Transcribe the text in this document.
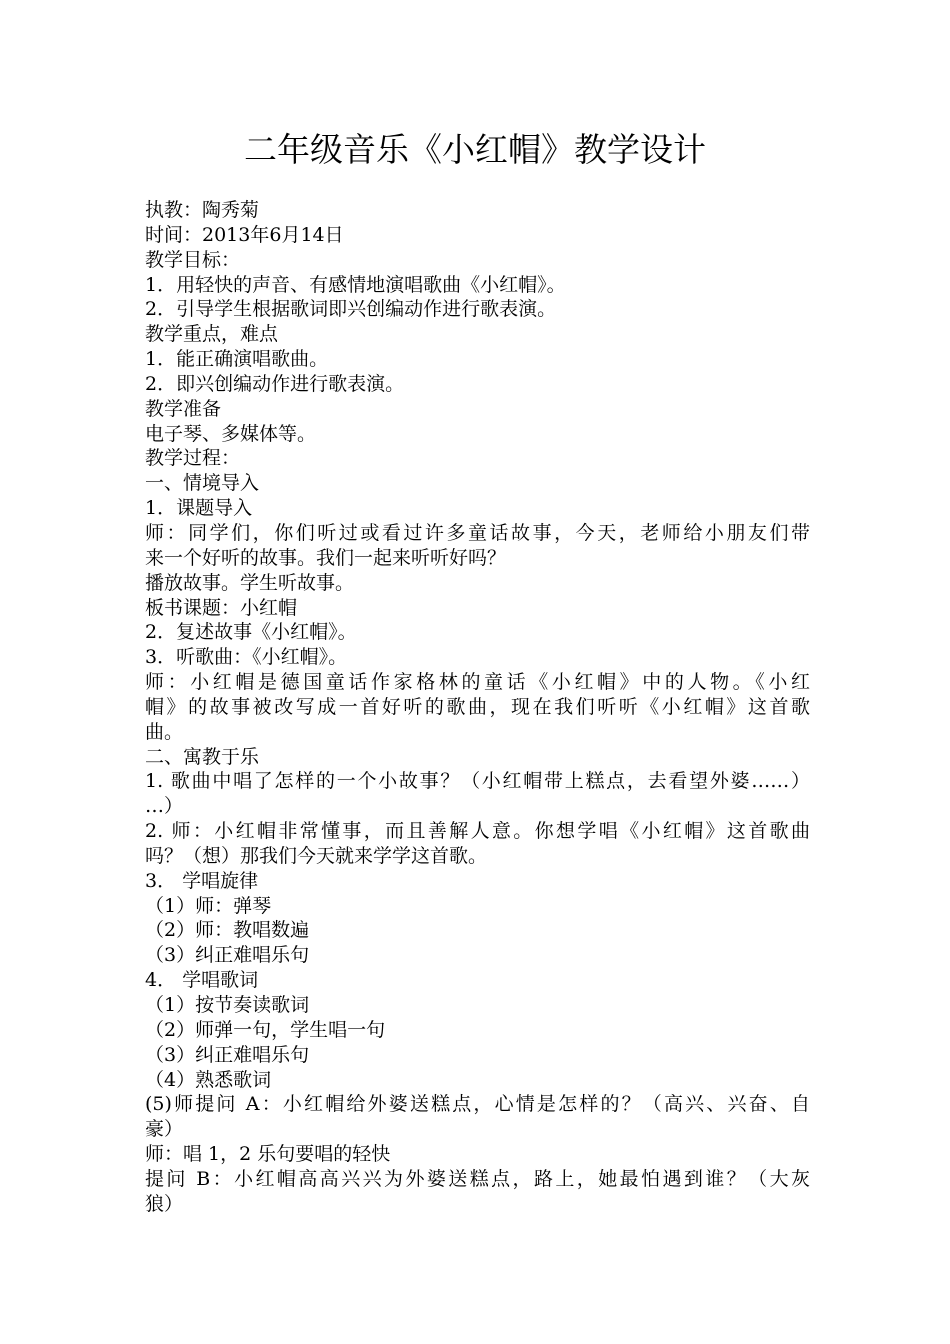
二年级音乐《小红帽》教学设计
执教：陶秀菊
时间：2013年6月14日
教学目标：
1．用轻快的声音、有感情地演唱歌曲《小红帽》。
2．引导学生根据歌词即兴创编动作进行歌表演。
教学重点，难点
1．能正确演唱歌曲。
2．即兴创编动作进行歌表演。
教学准备
电子琴、多媒体等。
教学过程：
一、情境导入
1．课题导入
师：同学们，你们听过或看过许多童话故事，今天，老师给小朋友们带
来一个好听的故事。我们一起来听听好吗？
播放故事。学生听故事。
板书课题：小红帽
2．复述故事《小红帽》。
3．听歌曲：《小红帽》。
师：小红帽是德国童话作家格林的童话《小红帽》中的人物。《小红
帽》的故事被改写成一首好听的歌曲，现在我们听听《小红帽》这首歌
曲。
二、寓教于乐
1. 歌曲中唱了怎样的一个小故事？（小红帽带上糕点，去看望外婆……）
…）
2. 师：小红帽非常懂事，而且善解人意。你想学唱《小红帽》这首歌曲
吗？（想）那我们今天就来学学这首歌。
3． 学唱旋律
（1）师：弹琴
（2）师：教唱数遍
（3）纠正难唱乐句
4． 学唱歌词
（1）按节奏读歌词
（2）师弹一句，学生唱一句
（3）纠正难唱乐句
（4）熟悉歌词
(5)师提问 A：小红帽给外婆送糕点，心情是怎样的？（高兴、兴奋、自
豪）
师：唱 1，2 乐句要唱的轻快
提问 B：小红帽高高兴兴为外婆送糕点，路上，她最怕遇到谁？（大灰
狼）
